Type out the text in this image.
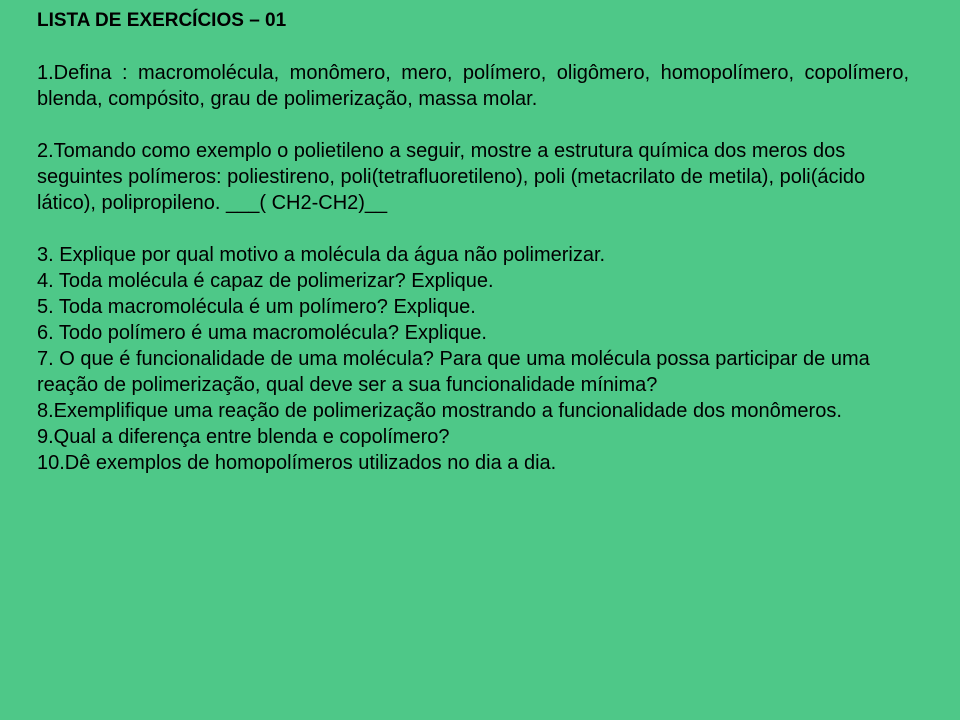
LISTA DE EXERCÍCIOS – 01

1.Defina : macromolécula, monômero, mero, polímero, oligômero, homopolímero, copolímero, blenda, compósito, grau de polimerização, massa molar.

2.Tomando como exemplo o polietileno a seguir, mostre a estrutura química dos meros dos seguintes polímeros: poliestireno, poli(tetrafluoretileno), poli (metacrilato de metila), poli(ácido lático), polipropileno. ___( CH2-CH2)__

3. Explique por qual motivo a molécula da água não polimerizar.

4. Toda molécula é capaz de polimerizar? Explique.

5. Toda macromolécula é um polímero? Explique.

6. Todo polímero é uma macromolécula? Explique.

7. O que é funcionalidade de uma molécula? Para que uma molécula possa participar de uma reação de polimerização, qual deve ser a sua funcionalidade mínima?

8.Exemplifique uma reação de polimerização mostrando a funcionalidade dos monômeros.

9.Qual a diferença entre blenda e copolímero?

10.Dê exemplos de homopolímeros utilizados no dia a dia.
